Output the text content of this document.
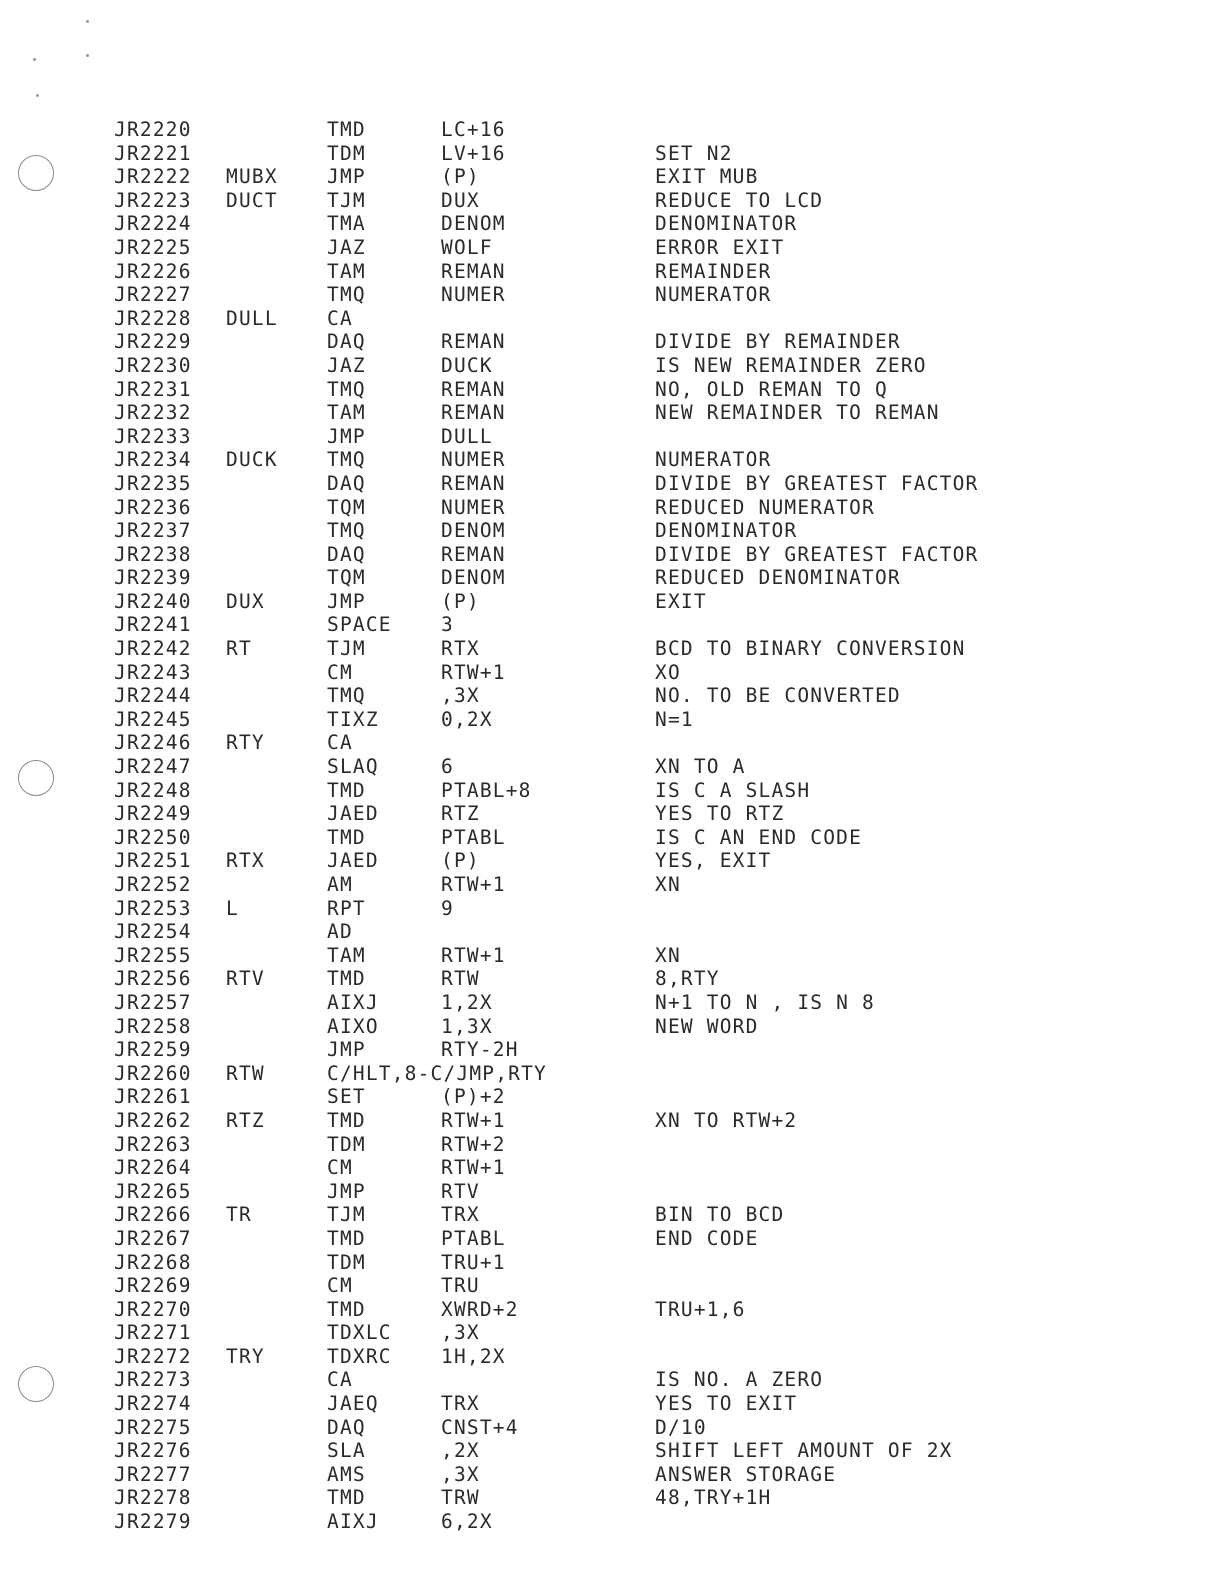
JR2220	TMD	LC+16
JR2221	TDM	LV+16	SET N2
JR2222 MUBX	JMP	(P)	EXIT MUB
JR2223 DUCT	TJM	DUX	REDUCE TO LCD
JR2224	TMA	DENOM	DENOMINATOR
JR2225	JAZ	WOLF	ERROR EXIT
JR2226	TAM	REMAN	REMAINDER
JR2227	TMQ	NUMER	NUMERATOR
JR2228 DULL	CA
JR2229	DAQ	REMAN	DIVIDE BY REMAINDER
JR2230	JAZ	DUCK	IS NEW REMAINDER ZERO
JR2231	TMQ	REMAN	NO, OLD REMAN TO Q
JR2232	TAM	REMAN	NEW REMAINDER TO REMAN
JR2233	JMP	DULL
JR2234 DUCK	TMQ	NUMER	NUMERATOR
JR2235	DAQ	REMAN	DIVIDE BY GREATEST FACTOR
JR2236	TQM	NUMER	REDUCED NUMERATOR
JR2237	TMQ	DENOM	DENOMINATOR
JR2238	DAQ	REMAN	DIVIDE BY GREATEST FACTOR
JR2239	TQM	DENOM	REDUCED DENOMINATOR
JR2240 DUX	JMP	(P)	EXIT
JR2241	SPACE	3
JR2242 RT	TJM	RTX	BCD TO BINARY CONVERSION
JR2243	CM	RTW+1	XO
JR2244	TMQ	,3X	NO. TO BE CONVERTED
JR2245	TIXZ	0,2X	N=1
JR2246 RTY	CA
JR2247	SLAQ	6	XN TO A
JR2248	TMD	PTABL+8	IS C A SLASH
JR2249	JAED	RTZ	YES TO RTZ
JR2250	TMD	PTABL	IS C AN END CODE
JR2251 RTX	JAED	(P)	YES, EXIT
JR2252	AM	RTW+1	XN
JR2253 L	RPT	9
JR2254	AD
JR2255	TAM	RTW+1	XN
JR2256 RTV	TMD	RTW	8,RTY
JR2257	AIXJ	1,2X	N+1 TO N , IS N 8
JR2258	AIXO	1,3X	NEW WORD
JR2259	JMP	RTY-2H
JR2260 RTW	C/HLT,8-C/JMP,RTY
JR2261	SET	(P)+2
JR2262 RTZ	TMD	RTW+1	XN TO RTW+2
JR2263	TDM	RTW+2
JR2264	CM	RTW+1
JR2265	JMP	RTV
JR2266 TR	TJM	TRX	BIN TO BCD
JR2267	TMD	PTABL	END CODE
JR2268	TDM	TRU+1
JR2269	CM	TRU
JR2270	TMD	XWRD+2	TRU+1,6
JR2271	TDXLC	,3X
JR2272 TRY	TDXRC	1H,2X
JR2273	CA	IS NO. A ZERO
JR2274	JAEQ	TRX	YES TO EXIT
JR2275	DAQ	CNST+4	D/10
JR2276	SLA	,2X	SHIFT LEFT AMOUNT OF 2X
JR2277	AMS	,3X	ANSWER STORAGE
JR2278	TMD	TRW	48,TRY+1H
JR2279	AIXJ	6,2X
